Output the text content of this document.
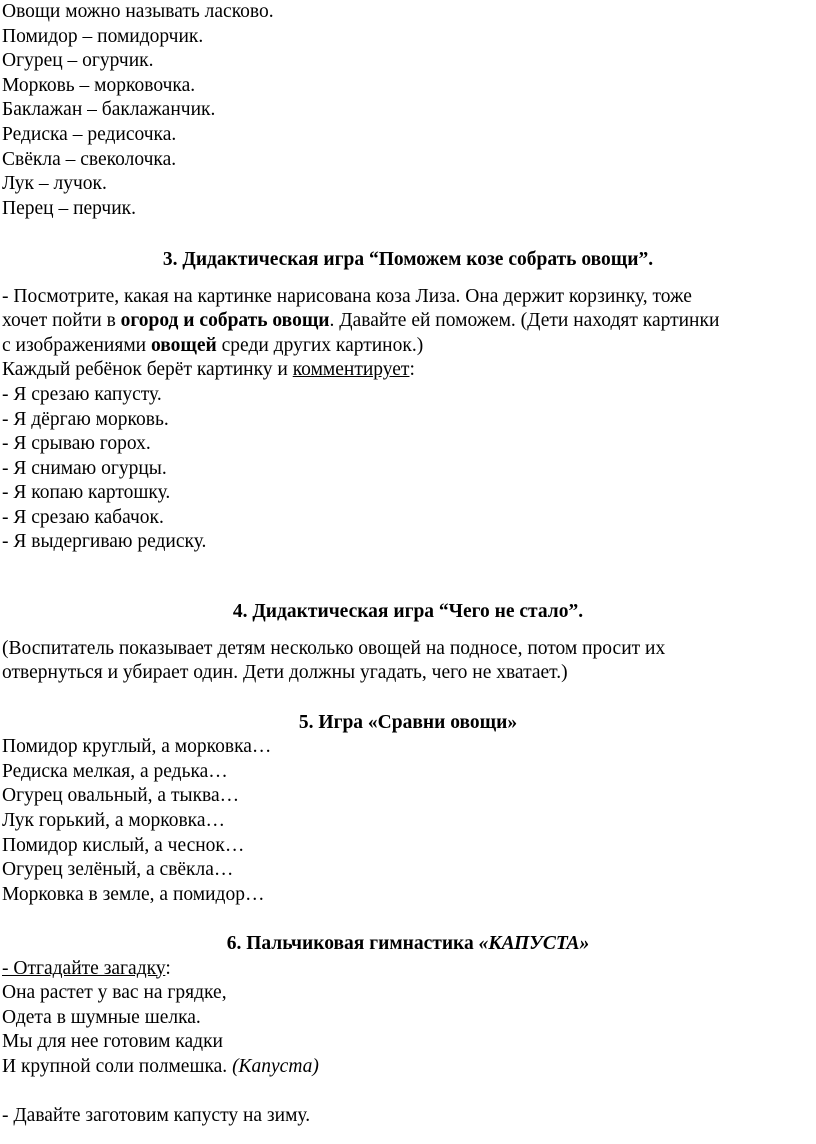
Овощи можно называть ласково.
Помидор – помидорчик.
Огурец – огурчик.
Морковь – морковочка.
Баклажан – баклажанчик.
Редиска – редисочка.
Свёкла – свеколочка.
Лук – лучок.
Перец – перчик.
3. Дидактическая игра “Поможем козе собрать овощи”.
- Посмотрите, какая на картинке нарисована коза Лиза. Она держит корзинку, тоже
хочет пойти в огород и собрать овощи. Давайте ей поможем. (Дети находят картинки
с изображениями овощей среди других картинок.)
Каждый ребёнок берёт картинку и комментирует:
- Я срезаю капусту.
- Я дёргаю морковь.
- Я срываю горох.
- Я снимаю огурцы.
- Я копаю картошку.
- Я срезаю кабачок.
- Я выдергиваю редиску.
4. Дидактическая игра “Чего не стало”.
(Воспитатель показывает детям несколько овощей на подносе, потом просит их
отвернуться и убирает один. Дети должны угадать, чего не хватает.)
5. Игра «Сравни овощи»
Помидор круглый, а морковка…
Редиска мелкая, а редька…
Огурец овальный, а тыква…
Лук горький, а морковка…
Помидор кислый, а чеснок…
Огурец зелёный, а свёкла…
Морковка в земле, а помидор…
6. Пальчиковая гимнастика «КАПУСТА»
- Отгадайте загадку:
Она растет у вас на грядке,
Одета в шумные шелка.
Мы для нее готовим кадки
И крупной соли полмешка. (Капуста)
- Давайте заготовим капусту на зиму.
